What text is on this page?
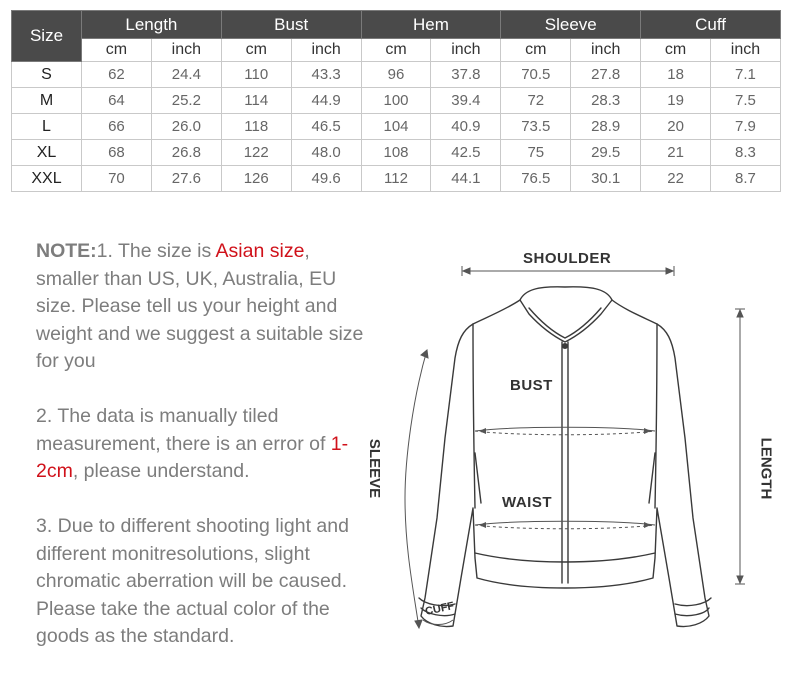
Size	Length		Bust		Hem		Sleeve		Cuff	
	cm	inch	cm	inch	cm	inch	cm	inch	cm	inch
S	62	24.4	110	43.3	96	37.8	70.5	27.8	18	7.1
M	64	25.2	114	44.9	100	39.4	72	28.3	19	7.5
L	66	26.0	118	46.5	104	40.9	73.5	28.9	20	7.9
XL	68	26.8	122	48.0	108	42.5	75	29.5	21	8.3
XXL	70	27.6	126	49.6	112	44.1	76.5	30.1	22	8.7

NOTE:1. The size is Asian size, smaller than US, UK, Australia, EU size. Please tell us your height and weight and we suggest a suitable size for you

2. The data is manually tiled measurement, there is an error of 1-2cm, please understand.

3. Due to different shooting light and different monitresolutions, slight chromatic aberration will be caused. Please take the actual color of the goods as the standard.

SHOULDER
BUST
WAIST
SLEEVE	LENGTH
CUFF
